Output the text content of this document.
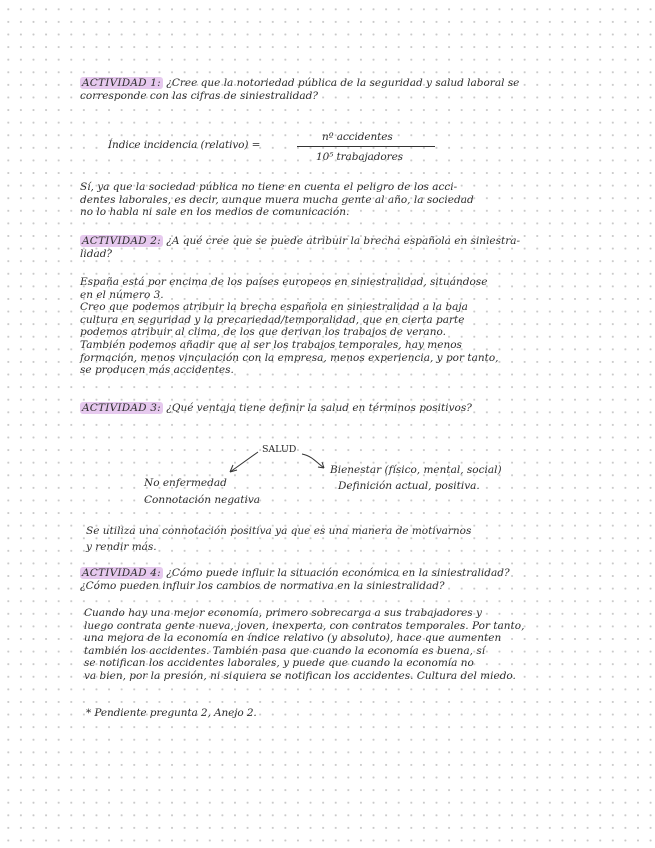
ACTIVIDAD 1: ¿Cree que la notoriedad pública de la seguridad y salud laboral se
corresponde con las cifras de siniestralidad?
Índice incidencia (relativo) =
nº accidentes
10⁵ trabajadores
Sí, ya que la sociedad pública no tiene en cuenta el peligro de los acci-
dentes laborales, es decir, aunque muera mucha gente al año, la sociedad
no lo habla ni sale en los medios de comunicación.
ACTIVIDAD 2: ¿A qué cree que se puede atribuir la brecha española en siniestra-
lidad?
España está por encima de los países europeos en siniestralidad, situándose
en el número 3.
Creo que podemos atribuir la brecha española en siniestralidad a la baja
cultura en seguridad y la precariedad/temporalidad, que en cierta parte
podemos atribuir al clima, de los que derivan los trabajos de verano.
También podemos añadir que al ser los trabajos temporales, hay menos
formación, menos vinculación con la empresa, menos experiencia, y por tanto,
se producen más accidentes.
ACTIVIDAD 3: ¿Qué ventaja tiene definir la salud en términos positivos?
SALUD
No enfermedad
Connotación negativa
Bienestar (físico, mental, social)
Definición actual, positiva.
Se utiliza una connotación positiva ya que es una manera de motivarnos
y rendir más.
ACTIVIDAD 4: ¿Cómo puede influir la situación económica en la siniestralidad?
¿Cómo pueden influir los cambios de normativa en la siniestralidad?
Cuando hay una mejor economía, primero sobrecarga a sus trabajadores y
luego contrata gente nueva, joven, inexperta, con contratos temporales. Por tanto,
una mejora de la economía en índice relativo (y absoluto), hace que aumenten
también los accidentes. También pasa que cuando la economía es buena, sí
se notifican los accidentes laborales, y puede que cuando la economía no
va bien, por la presión, ni siquiera se notifican los accidentes. Cultura del miedo.
* Pendiente pregunta 2, Anejo 2.
